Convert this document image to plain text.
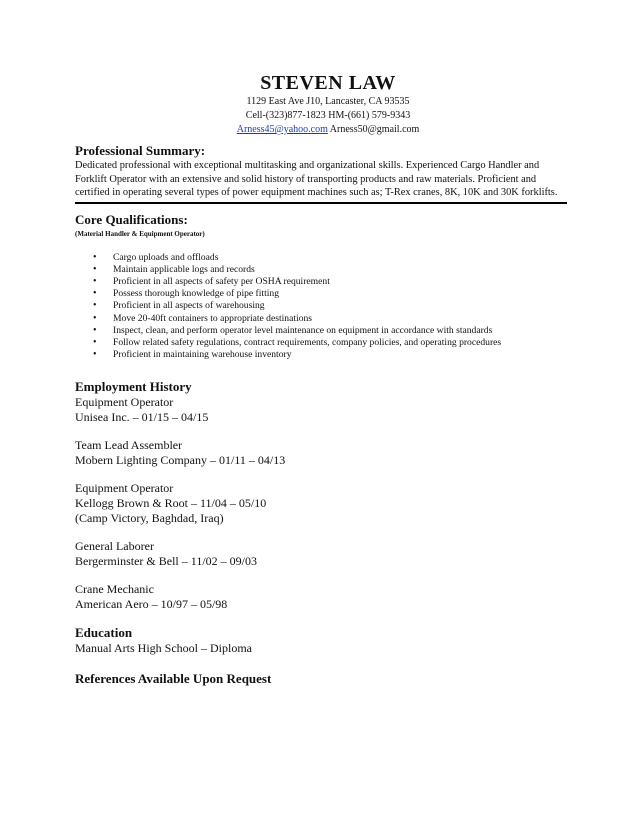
STEVEN LAW
1129 East Ave J10, Lancaster, CA 93535
Cell-(323)877-1823 HM-(661) 579-9343
Arness45@yahoo.com Arness50@gmail.com
Professional Summary:
Dedicated professional with exceptional multitasking and organizational skills. Experienced Cargo Handler and
Forklift Operator with an extensive and solid history of transporting products and raw materials. Proficient and
certified in operating several types of power equipment machines such as; T-Rex cranes, 8K, 10K and 30K forklifts.
Core Qualifications:
(Material Handler & Equipment Operator)
• Cargo uploads and offloads
• Maintain applicable logs and records
• Proficient in all aspects of safety per OSHA requirement
• Possess thorough knowledge of pipe fitting
• Proficient in all aspects of warehousing
• Move 20-40ft containers to appropriate destinations
• Inspect, clean, and perform operator level maintenance on equipment in accordance with standards
• Follow related safety regulations, contract requirements, company policies, and operating procedures
• Proficient in maintaining warehouse inventory
Employment History
Equipment Operator
Unisea Inc. – 01/15 – 04/15
Team Lead Assembler
Mobern Lighting Company – 01/11 – 04/13
Equipment Operator
Kellogg Brown & Root – 11/04 – 05/10
(Camp Victory, Baghdad, Iraq)
General Laborer
Bergerminster & Bell – 11/02 – 09/03
Crane Mechanic
American Aero – 10/97 – 05/98
Education
Manual Arts High School – Diploma
References Available Upon Request
